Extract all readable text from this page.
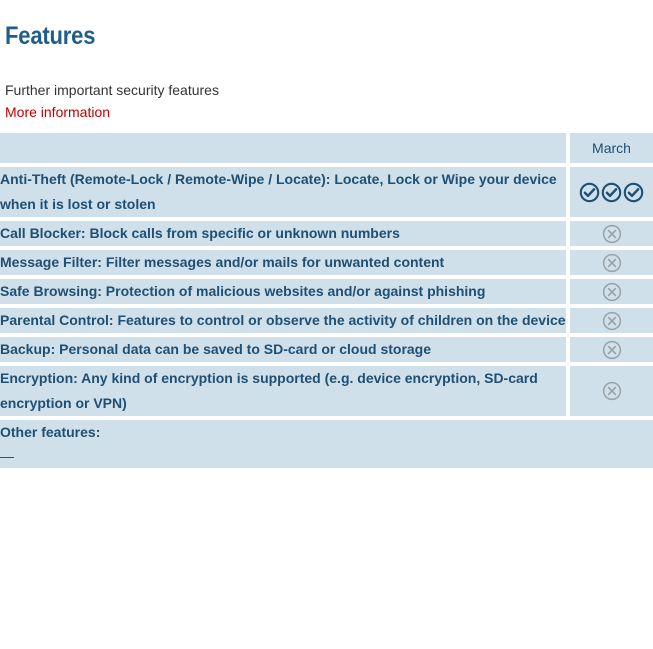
Features
Further important security features
More information
	March
Anti-Theft (Remote-Lock / Remote-Wipe / Locate): Locate, Lock or Wipe your device when it is lost or stolen	

Call Blocker: Block calls from specific or unknown numbers	
Message Filter: Filter messages and/or mails for unwanted content	
Safe Browsing: Protection of malicious websites and/or against phishing	
Parental Control: Features to control or observe the activity of children on the device	
Backup: Personal data can be saved to SD-card or cloud storage	
Encryption: Any kind of encryption is supported (e.g. device encryption, SD-card encryption or VPN)	

Other features:
—	
